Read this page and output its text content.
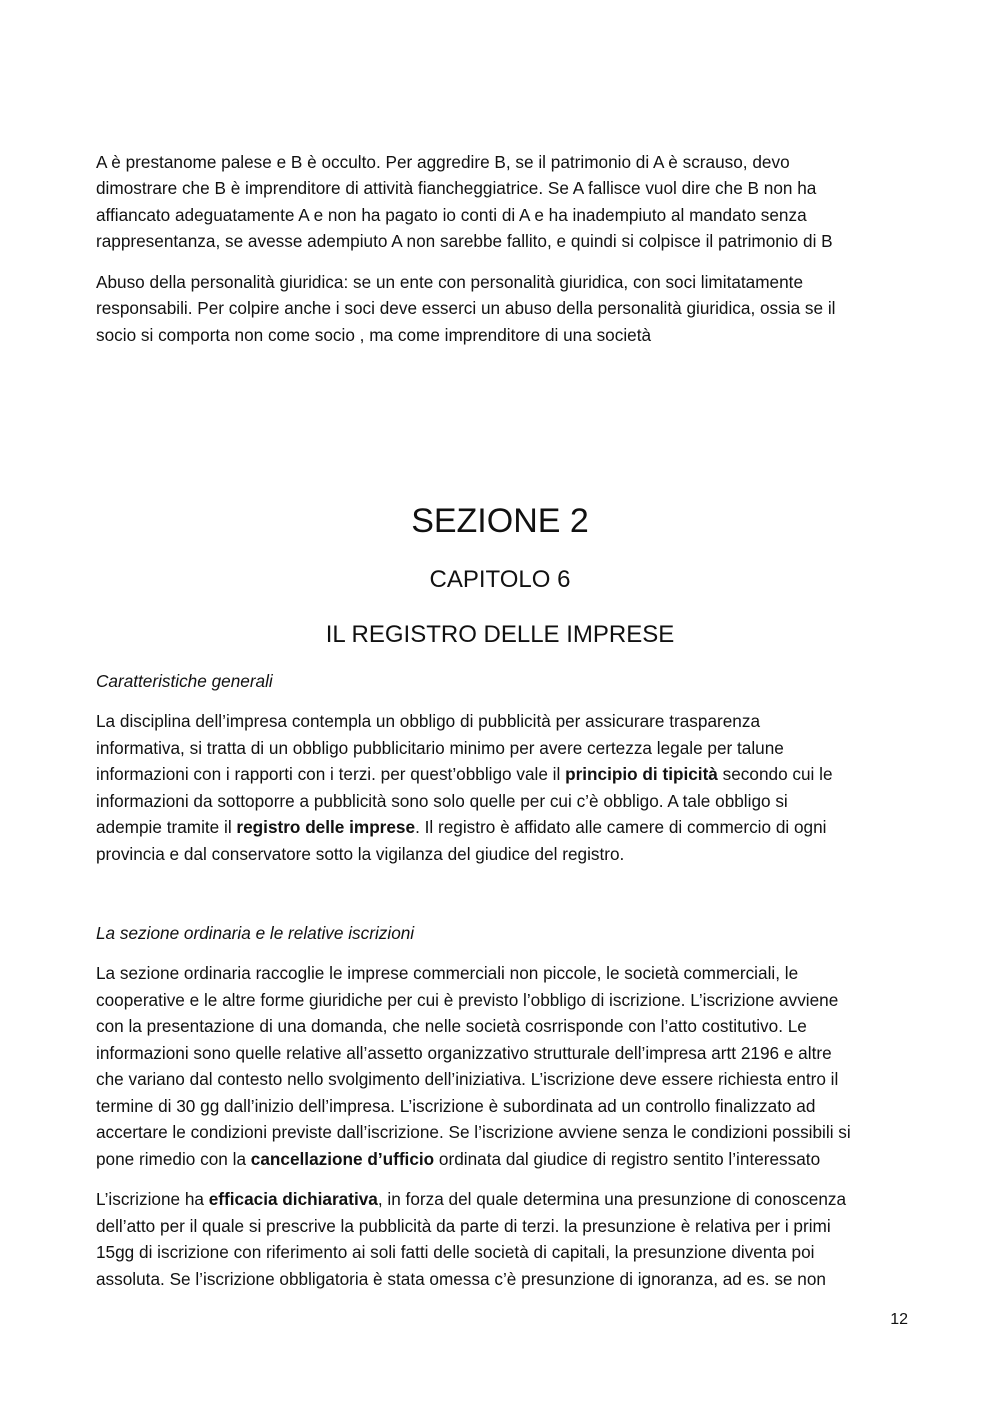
A è prestanome palese e B è occulto. Per aggredire B, se il patrimonio di A è scrauso, devo
dimostrare che B è imprenditore di attività fiancheggiatrice. Se A fallisce vuol dire che B non ha
affiancato adeguatamente A e non ha pagato io conti di A e ha inadempiuto al mandato senza
rappresentanza, se avesse adempiuto A non sarebbe fallito, e quindi si colpisce il patrimonio di B
Abuso della personalità giuridica: se un ente con personalità giuridica, con soci limitatamente
responsabili. Per colpire anche i soci deve esserci un abuso della personalità giuridica, ossia se il
socio si comporta non come socio , ma come imprenditore di una società
SEZIONE 2
CAPITOLO 6
IL REGISTRO DELLE IMPRESE
Caratteristiche generali
La disciplina dell’impresa contempla un obbligo di pubblicità per assicurare trasparenza
informativa, si tratta di un obbligo pubblicitario minimo per avere certezza legale per talune
informazioni con i rapporti con i terzi. per quest’obbligo vale il principio di tipicità secondo cui le
informazioni da sottoporre a pubblicità sono solo quelle per cui c’è obbligo. A tale obbligo si
adempie tramite il registro delle imprese. Il registro è affidato alle camere di commercio di ogni
provincia e dal conservatore sotto la vigilanza del giudice del registro.
La sezione ordinaria e le relative iscrizioni
La sezione ordinaria raccoglie le imprese commerciali non piccole, le società commerciali, le
cooperative e le altre forme giuridiche per cui è previsto l’obbligo di iscrizione. L’iscrizione avviene
con la presentazione di una domanda, che nelle società cosrrisponde con l’atto costitutivo. Le
informazioni sono quelle relative all’assetto organizzativo strutturale dell’impresa artt 2196 e altre
che variano dal contesto nello svolgimento dell’iniziativa. L’iscrizione deve essere richiesta entro il
termine di 30 gg dall’inizio dell’impresa. L’iscrizione è subordinata ad un controllo finalizzato ad
accertare le condizioni previste dall’iscrizione. Se l’iscrizione avviene senza le condizioni possibili si
pone rimedio con la cancellazione d’ufficio ordinata dal giudice di registro sentito l’interessato
L’iscrizione ha efficacia dichiarativa, in forza del quale determina una presunzione di conoscenza
dell’atto per il quale si prescrive la pubblicità da parte di terzi. la presunzione è relativa per i primi
15gg di iscrizione con riferimento ai soli fatti delle società di capitali, la presunzione diventa poi
assoluta. Se l’iscrizione obbligatoria è stata omessa c’è presunzione di ignoranza, ad es. se non
12
